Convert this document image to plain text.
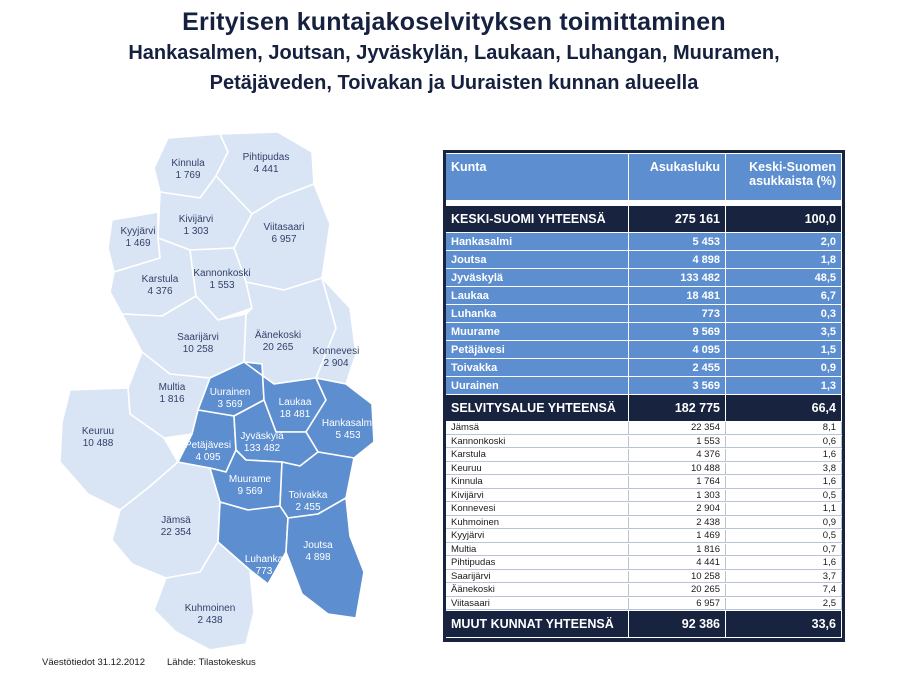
Erityisen kuntajakoselvityksen toimittaminen
Hankasalmen, Joutsan, Jyväskylän, Laukaan, Luhangan, Muuramen,
Petäjäveden, Toivakan ja Uuraisten kunnan alueella
Kinnula 1 769
Pihtipudas 4 441
Kivijärvi 1 303
Kyyjärvi 1 469
Viitasaari 6 957
Karstula 4 376
Kannonkoski 1 553
Saarijärvi 10 258
Äänekoski 20 265	Konnevesi 2 904
Multia 1 816
Uurainen 3 569	Laukaa 18 481
Hankasalmi 5 453
Keuruu 10 488	Petäjävesi 4 095
Jyväskylä 133 482
Muurame 9 569	Toivakka 2 455
Jämsä 22 354
Luhanka 773
Joutsa 4 898
Kuhmoinen 2 438
Kunta	Asukasluku	Keski-Suomen
asukkaista (%)

KESKI-SUOMI YHTEENSÄ	275 161	100,0
Hankasalmi	5 453	2,0
Joutsa	4 898	1,8
Jyväskylä	133 482	48,5
Laukaa	18 481	6,7
Luhanka	773	0,3
Muurame	9 569	3,5
Petäjävesi	4 095	1,5
Toivakka	2 455	0,9
Uurainen	3 569	1,3
SELVITYSALUE YHTEENSÄ	182 775	66,4
Jämsä	22 354	8,1
Kannonkoski	1 553	0,6
Karstula	4 376	1,6
Keuruu	10 488	3,8
Kinnula	1 764	1,6
Kivijärvi	1 303	0,5
Konnevesi	2 904	1,1
Kuhmoinen	2 438	0,9
Kyyjärvi	1 469	0,5
Multia	1 816	0,7
Pihtipudas	4 441	1,6
Saarijärvi	10 258	3,7
Äänekoski	20 265	7,4
Viitasaari	6 957	2,5
MUUT KUNNAT YHTEENSÄ	92 386	33,6
Väestötiedot 31.12.2012 Lähde: Tilastokeskus
